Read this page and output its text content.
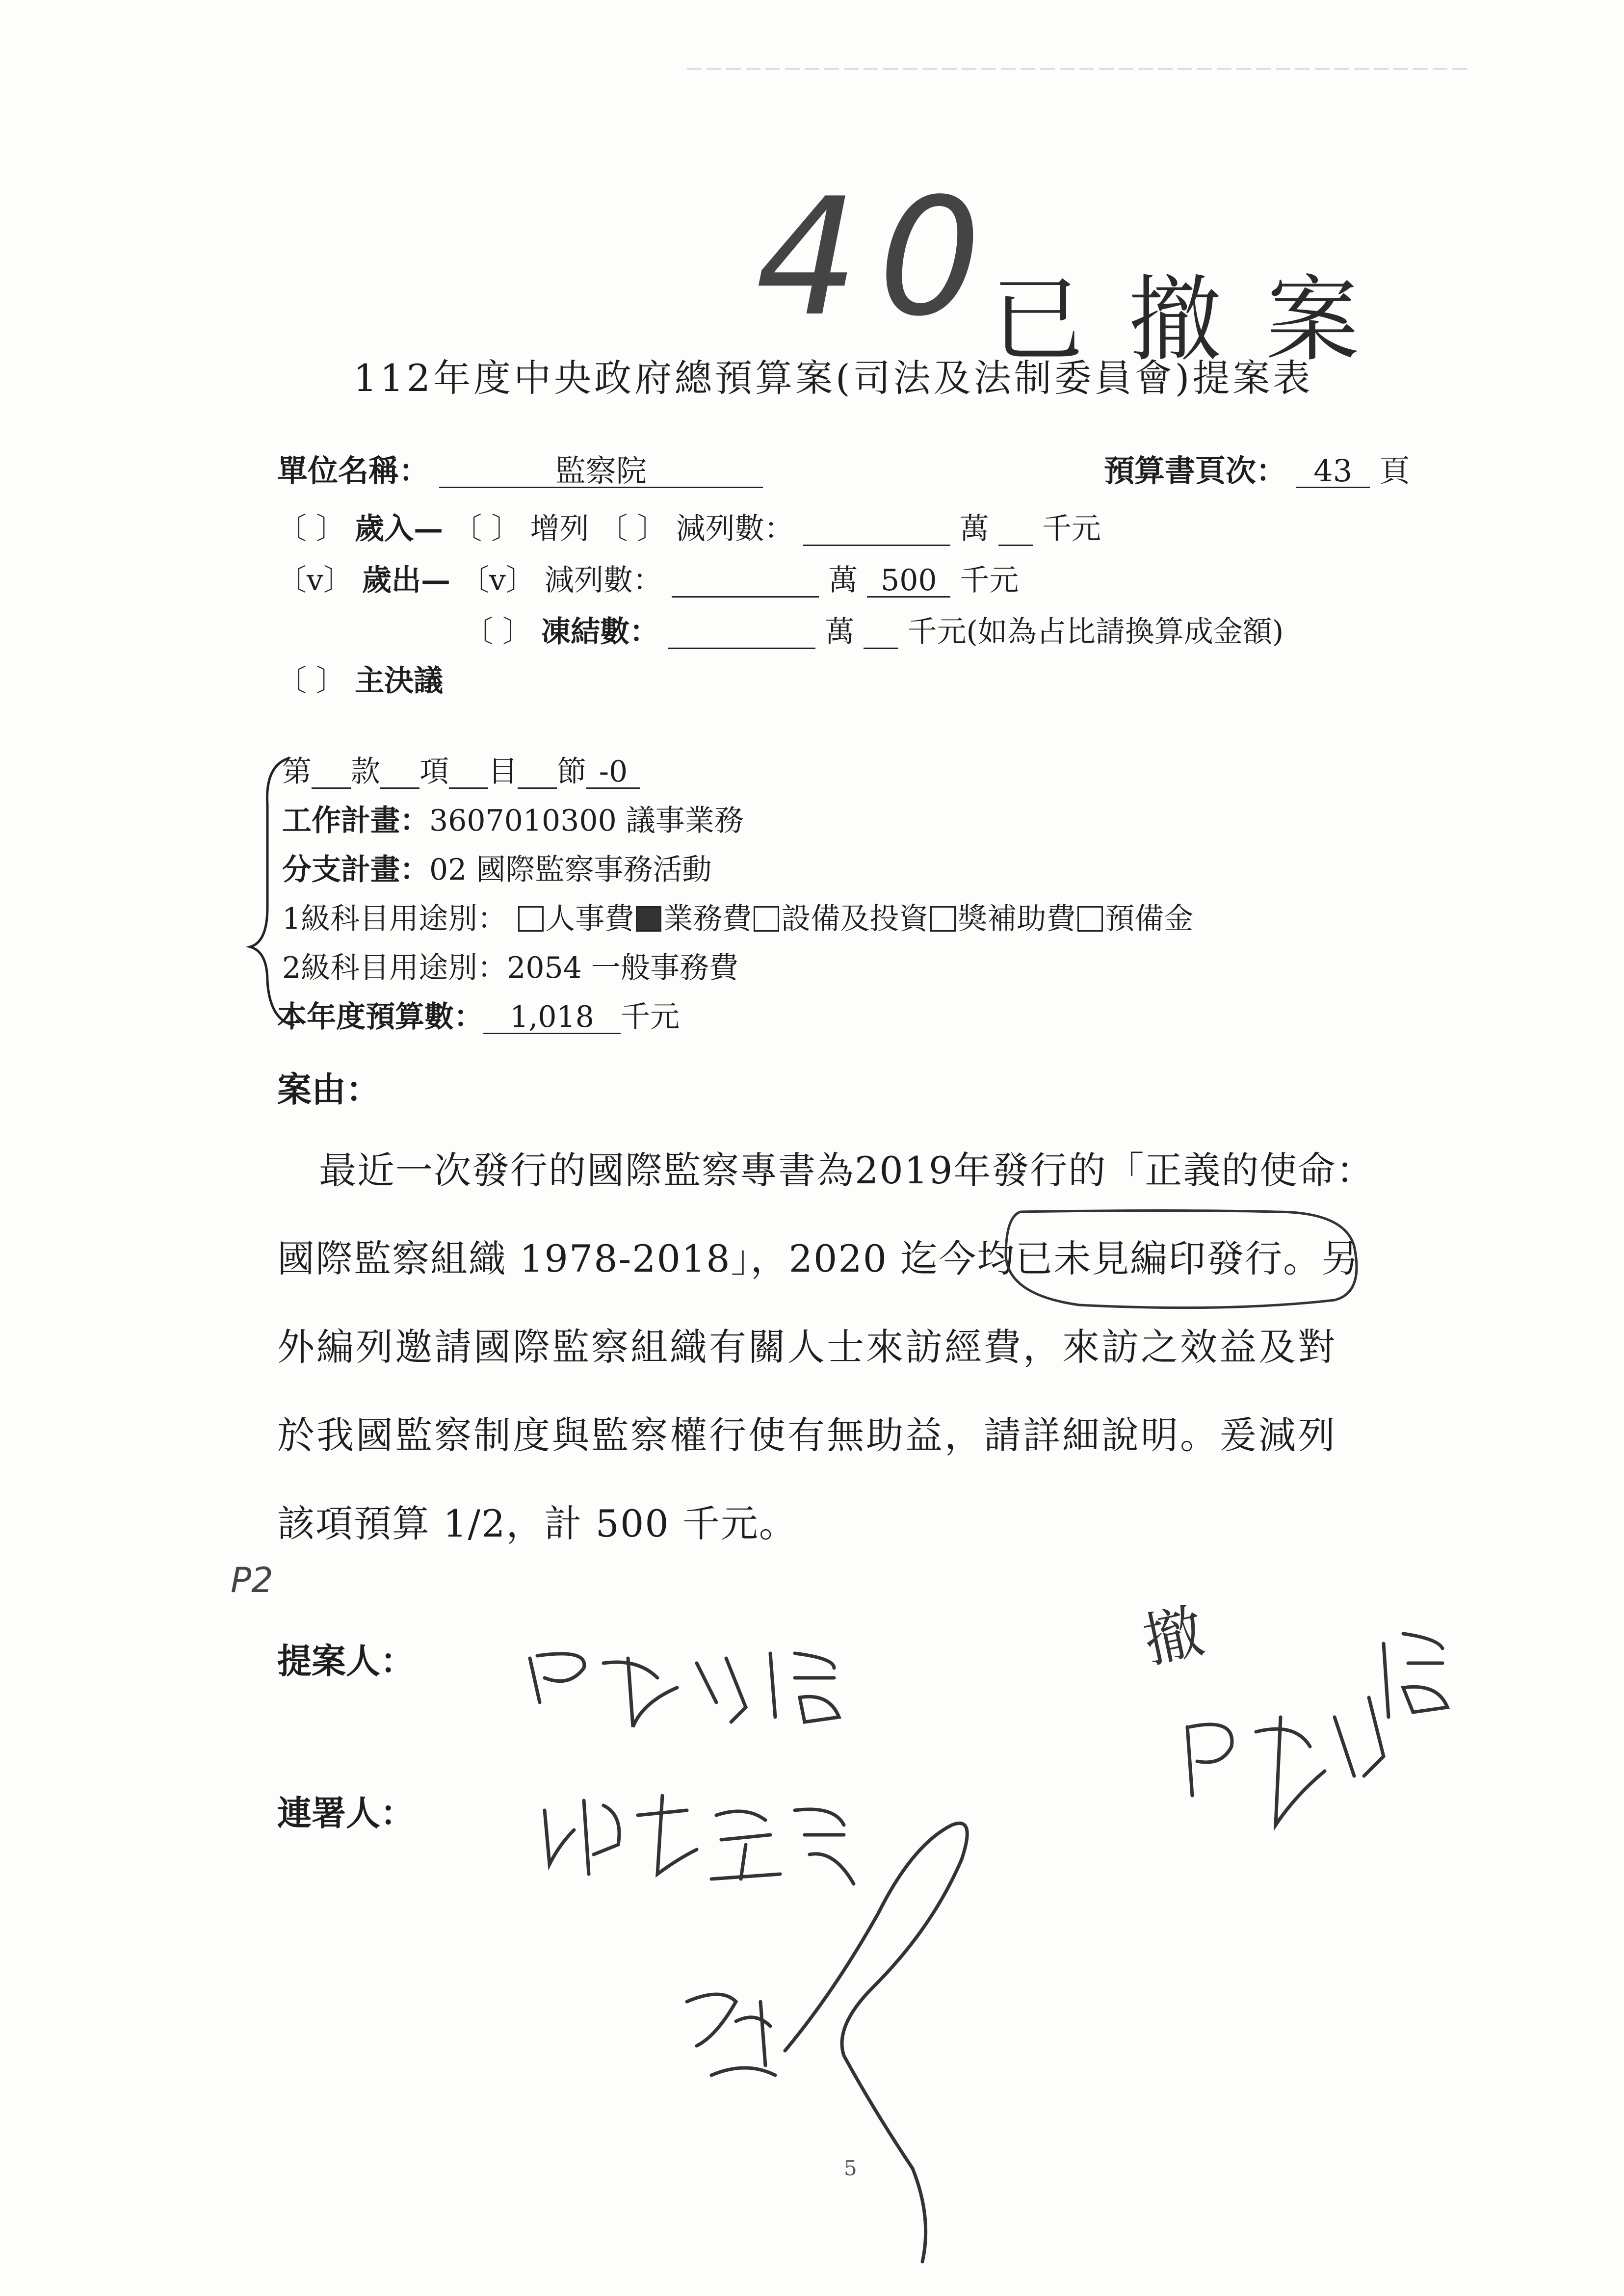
40
已撤案
112年度中央政府總預算案(司法及法制委員會)提案表
單位名稱：	監察院	預算書頁次： 43 頁
〔 〕 歲入— 〔 〕 增列 〔 〕 減列數：	萬 千元
〔v〕 歲出— 〔v〕 減列數：	萬 500 千元
〔 〕 凍結數：	萬 千元(如為占比請換算成金額)
〔 〕 主決議
第 款 項 目 節 -0
工作計畫：3607010300 議事業務
分支計畫：02 國際監察事務活動
1級科目用途別： 人事費 業務費 設備及投資 獎補助費 預備金
2級科目用途別：2054 一般事務費
本年度預算數： 1,018 千元
案由：
最近一次發行的國際監察專書為2019年發行的「正義的使命：
國際監察組織 1978-2018」，2020 迄今均已未見編印發行。另
外編列邀請國際監察組織有關人士來訪經費，來訪之效益及對
於我國監察制度與監察權行使有無助益，請詳細說明。爰減列
該項預算 1/2，計 500 千元。
P2
提案人：
連署人：
撤
5
